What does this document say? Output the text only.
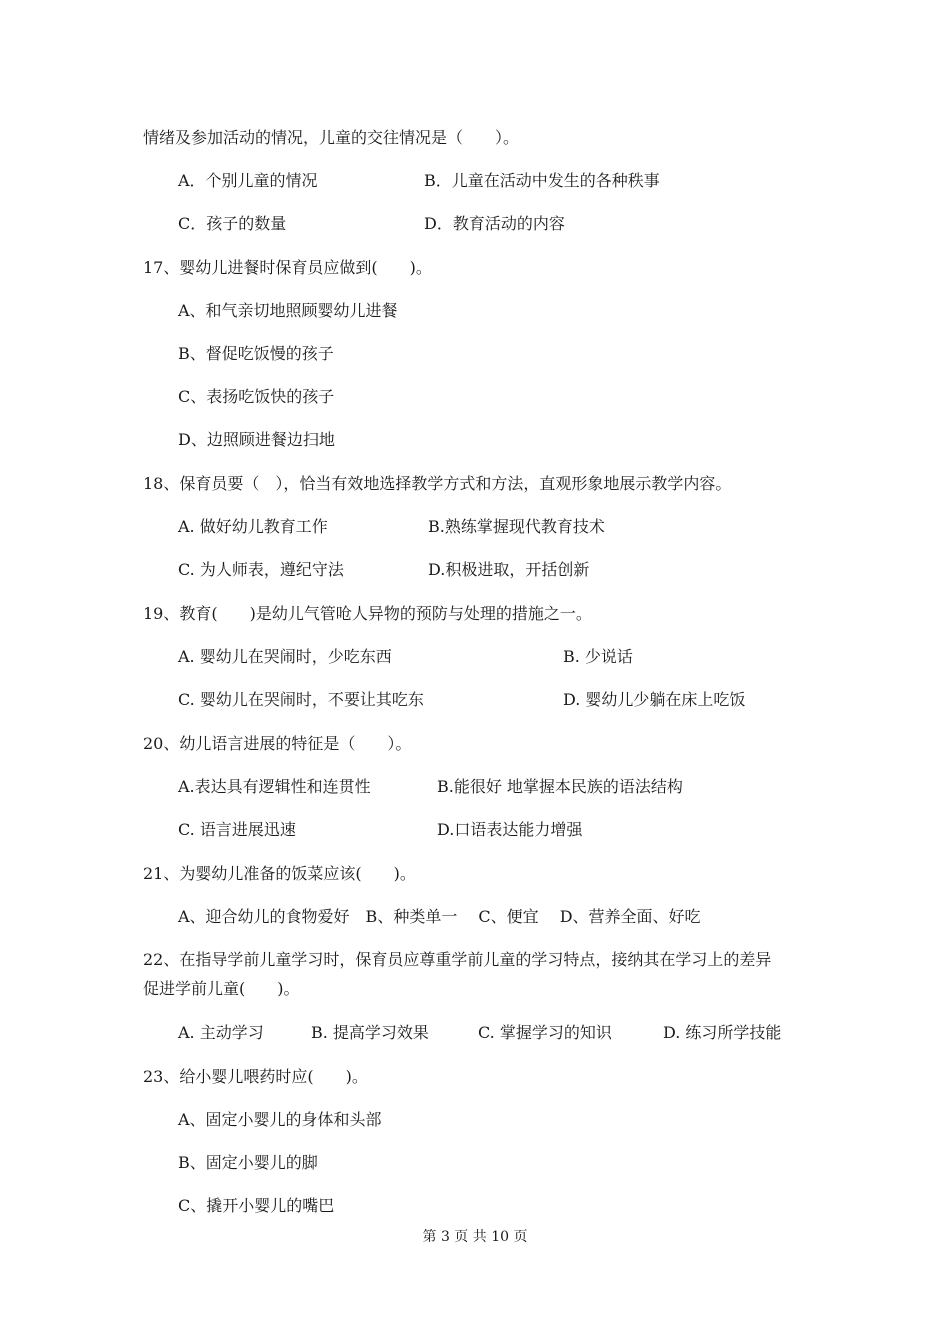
情绪及参加活动的情况，儿童的交往情况是（　　）。
A．个别儿童的情况	B．儿童在活动中发生的各种秩事
C．孩子的数量	D．教育活动的内容
17、婴幼儿进餐时保育员应做到(　　)。
A、和气亲切地照顾婴幼儿进餐
B、督促吃饭慢的孩子
C、表扬吃饭快的孩子
D、边照顾进餐边扫地
18、保育员要（　），恰当有效地选择教学方式和方法，直观形象地展示教学内容。
A. 做好幼儿教育工作	B.熟练掌握现代教育技术
C. 为人师表，遵纪守法	D.积极进取，开括创新
19、教育(　　)是幼儿气管呛人异物的预防与处理的措施之一。
A. 婴幼儿在哭闹时，少吃东西	B. 少说话
C. 婴幼儿在哭闹时，不要让其吃东	D. 婴幼儿少躺在床上吃饭
20、幼儿语言进展的特征是（　　）。
A.表达具有逻辑性和连贯性	B.能很好 地掌握本民族的语法结构
C. 语言进展迅速	D.口语表达能力增强
21、为婴幼儿准备的饭菜应该(　　)。
A、迎合幼儿的食物爱好　B、种类单一　 C、便宜　 D、营养全面、好吃
22、在指导学前儿童学习时，保育员应尊重学前儿童的学习特点，接纳其在学习上的差异
促进学前儿童(　　)。
A. 主动学习	B. 提高学习效果	C. 掌握学习的知识	D. 练习所学技能
23、给小婴儿喂药时应(　　)。
A、固定小婴儿的身体和头部
B、固定小婴儿的脚
C、撬开小婴儿的嘴巴
第 3 页 共 10 页
